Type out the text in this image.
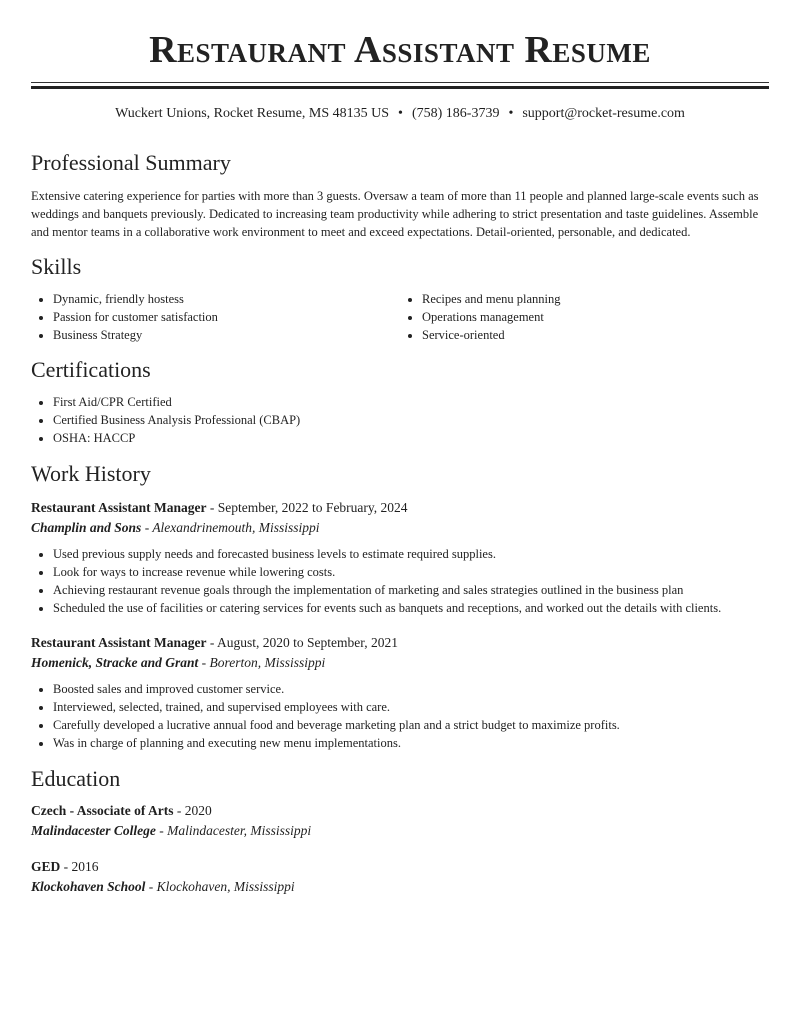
Restaurant Assistant Resume
Wuckert Unions, Rocket Resume, MS 48135 US • (758) 186-3739 • support@rocket-resume.com
Professional Summary

Extensive catering experience for parties with more than 3 guests. Oversaw a team of more than 11 people and planned large-scale events such as weddings and banquets previously. Dedicated to increasing team productivity while adhering to strict presentation and taste guidelines. Assemble and mentor teams in a collaborative work environment to meet and exceed expectations. Detail-oriented, personable, and dedicated.

Skills
• Dynamic, friendly hostess
• Passion for customer satisfaction
• Business Strategy
• Recipes and menu planning
• Operations management
• Service-oriented
Certifications
• First Aid/CPR Certified
• Certified Business Analysis Professional (CBAP)
• OSHA: HACCP
Work History
Restaurant Assistant Manager - September, 2022 to February, 2024
Champlin and Sons - Alexandrinemouth, Mississippi
• Used previous supply needs and forecasted business levels to estimate required supplies.
• Look for ways to increase revenue while lowering costs.
• Achieving restaurant revenue goals through the implementation of marketing and sales strategies outlined in the business plan
• Scheduled the use of facilities or catering services for events such as banquets and receptions, and worked out the details with clients.
Restaurant Assistant Manager - August, 2020 to September, 2021
Homenick, Stracke and Grant - Borerton, Mississippi
• Boosted sales and improved customer service.
• Interviewed, selected, trained, and supervised employees with care.
• Carefully developed a lucrative annual food and beverage marketing plan and a strict budget to maximize profits.
• Was in charge of planning and executing new menu implementations.
Education
Czech - Associate of Arts - 2020
Malindacester College - Malindacester, Mississippi
GED - 2016
Klockohaven School - Klockohaven, Mississippi
